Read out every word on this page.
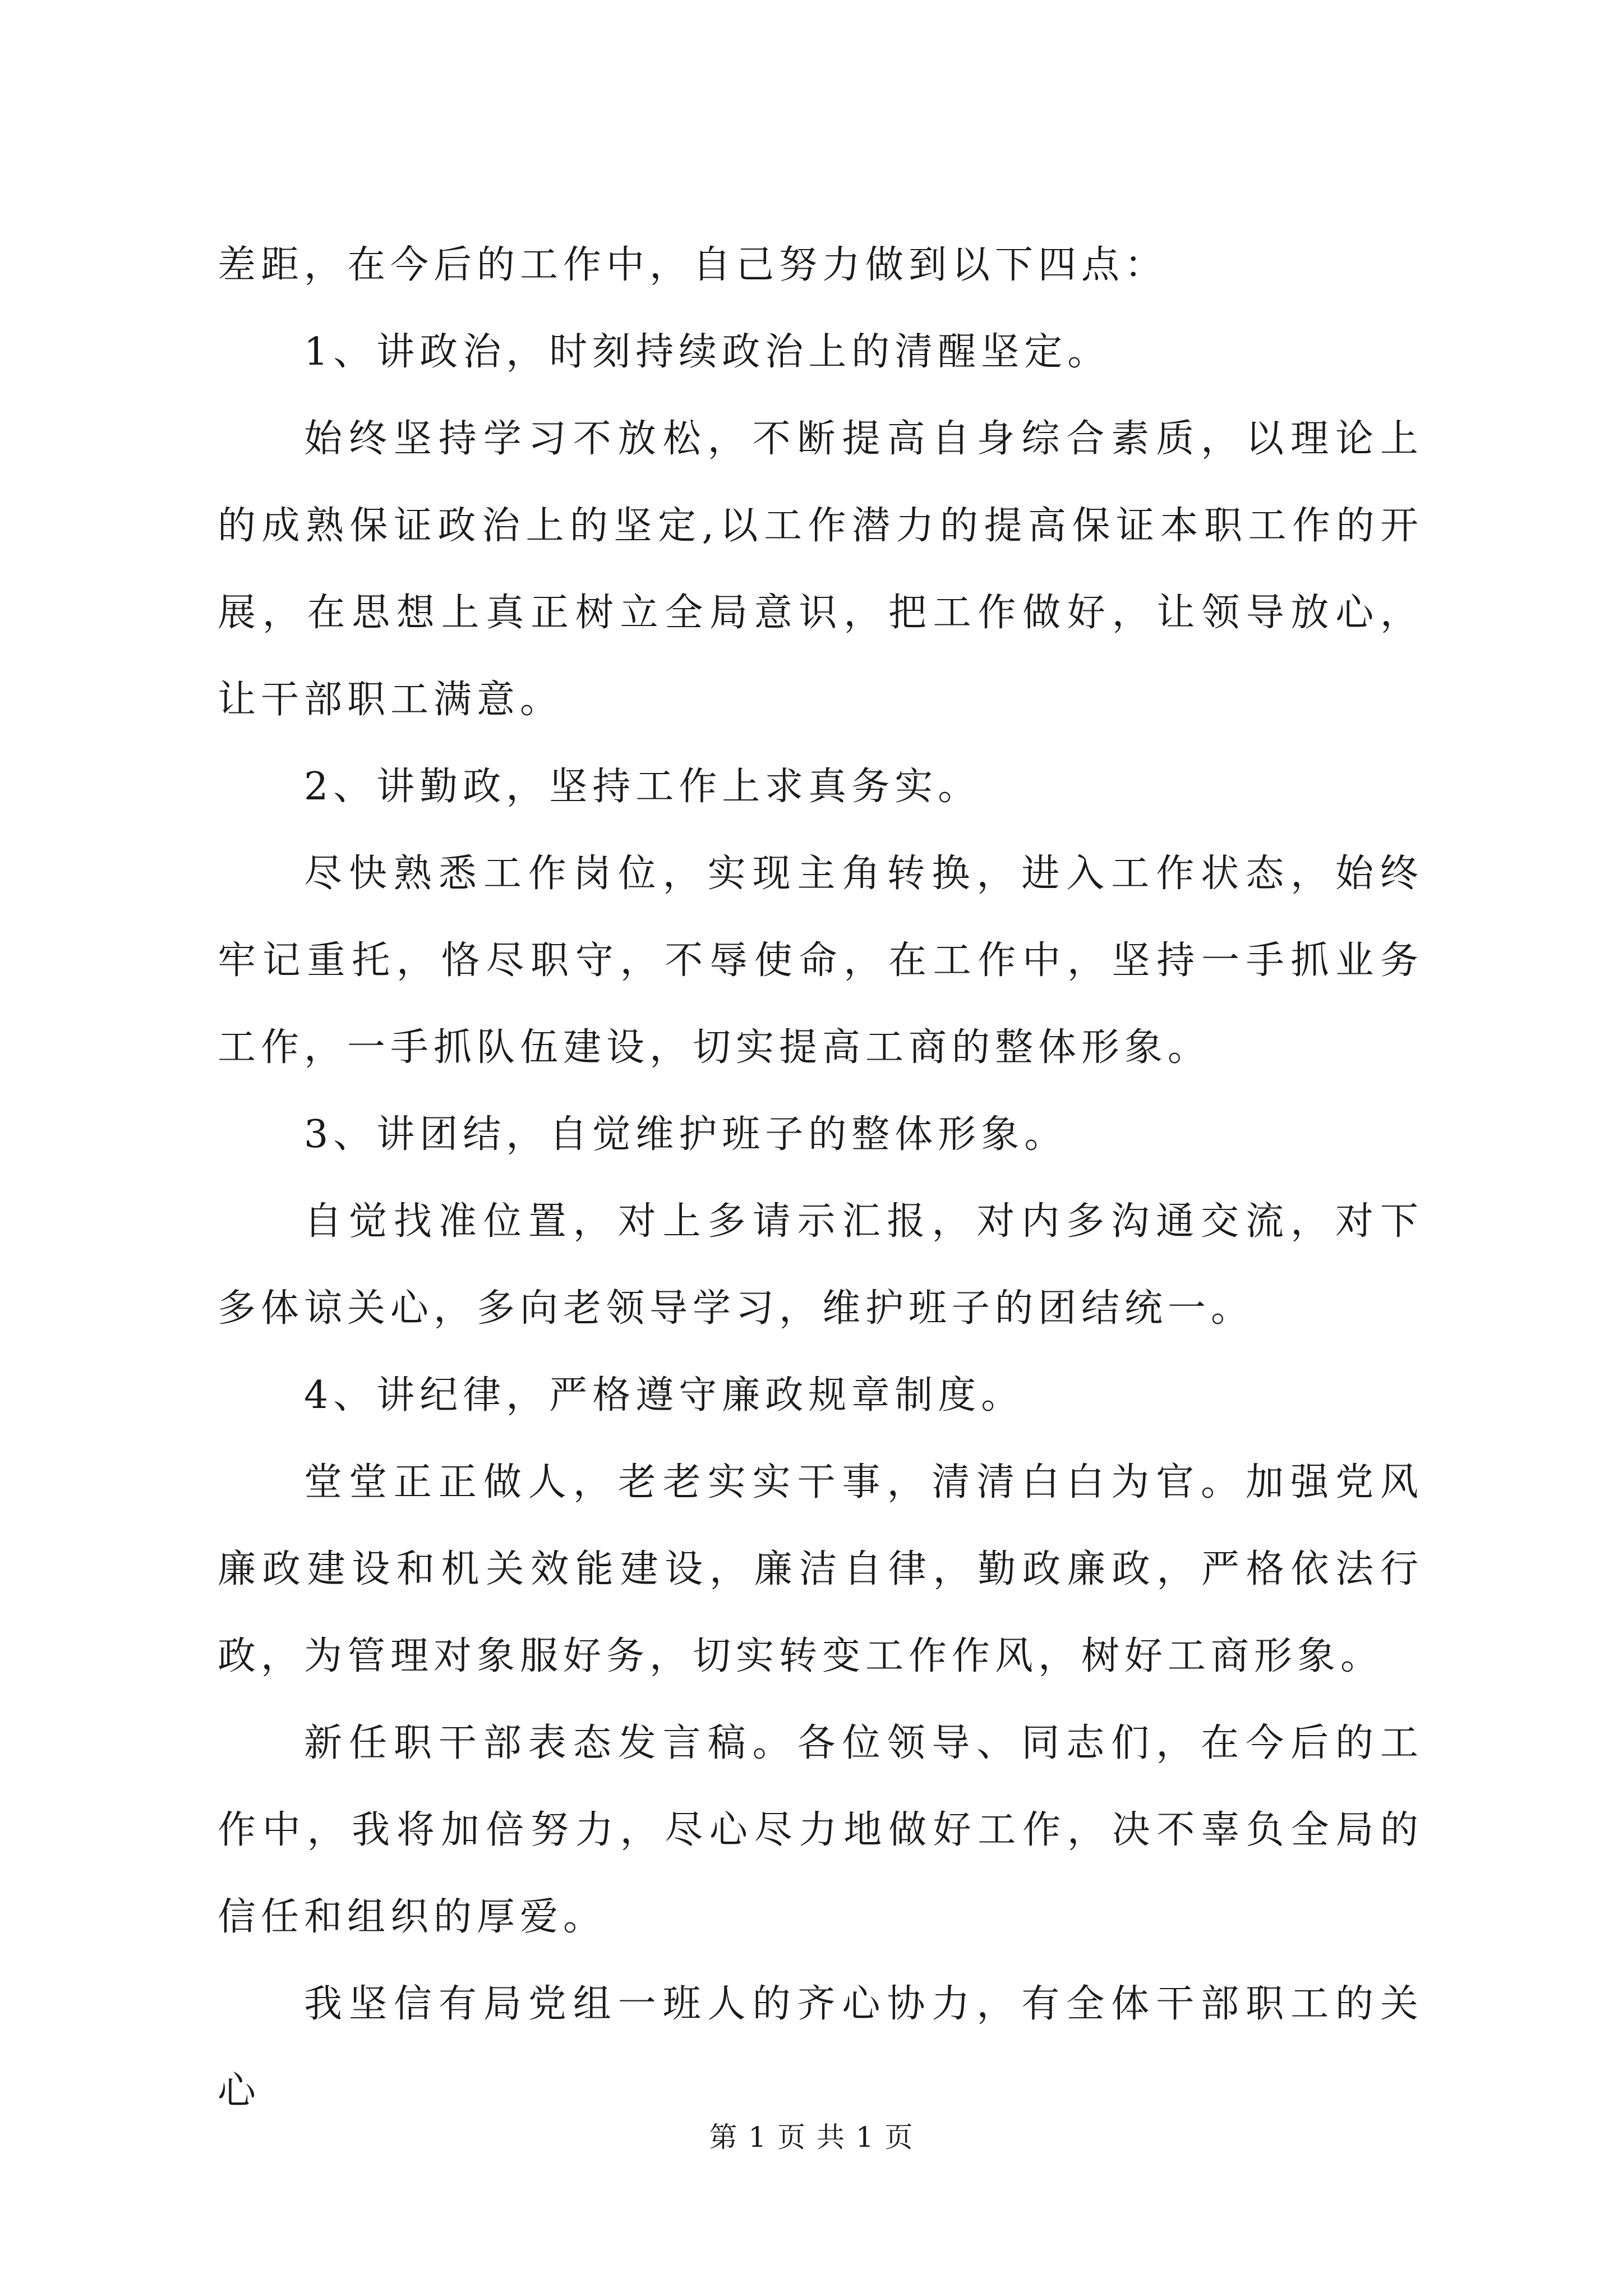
差距，在今后的工作中，自己努力做到以下四点：

1、讲政治，时刻持续政治上的清醒坚定。

始终坚持学习不放松，不断提高自身综合素质，以理论上的成熟保证政治上的坚定,以工作潜力的提高保证本职工作的开展，在思想上真正树立全局意识，把工作做好，让领导放心，让干部职工满意。

2、讲勤政，坚持工作上求真务实。

尽快熟悉工作岗位，实现主角转换，进入工作状态，始终牢记重托，恪尽职守，不辱使命，在工作中，坚持一手抓业务工作，一手抓队伍建设，切实提高工商的整体形象。

3、讲团结，自觉维护班子的整体形象。

自觉找准位置，对上多请示汇报，对内多沟通交流，对下多体谅关心，多向老领导学习，维护班子的团结统一。

4、讲纪律，严格遵守廉政规章制度。

堂堂正正做人，老老实实干事，清清白白为官。加强党风廉政建设和机关效能建设，廉洁自律，勤政廉政，严格依法行政，为管理对象服好务，切实转变工作作风，树好工商形象。

新任职干部表态发言稿。各位领导、同志们，在今后的工作中，我将加倍努力，尽心尽力地做好工作，决不辜负全局的信任和组织的厚爱。

我坚信有局党组一班人的齐心协力，有全体干部职工的关心

第 1 页 共 1 页
